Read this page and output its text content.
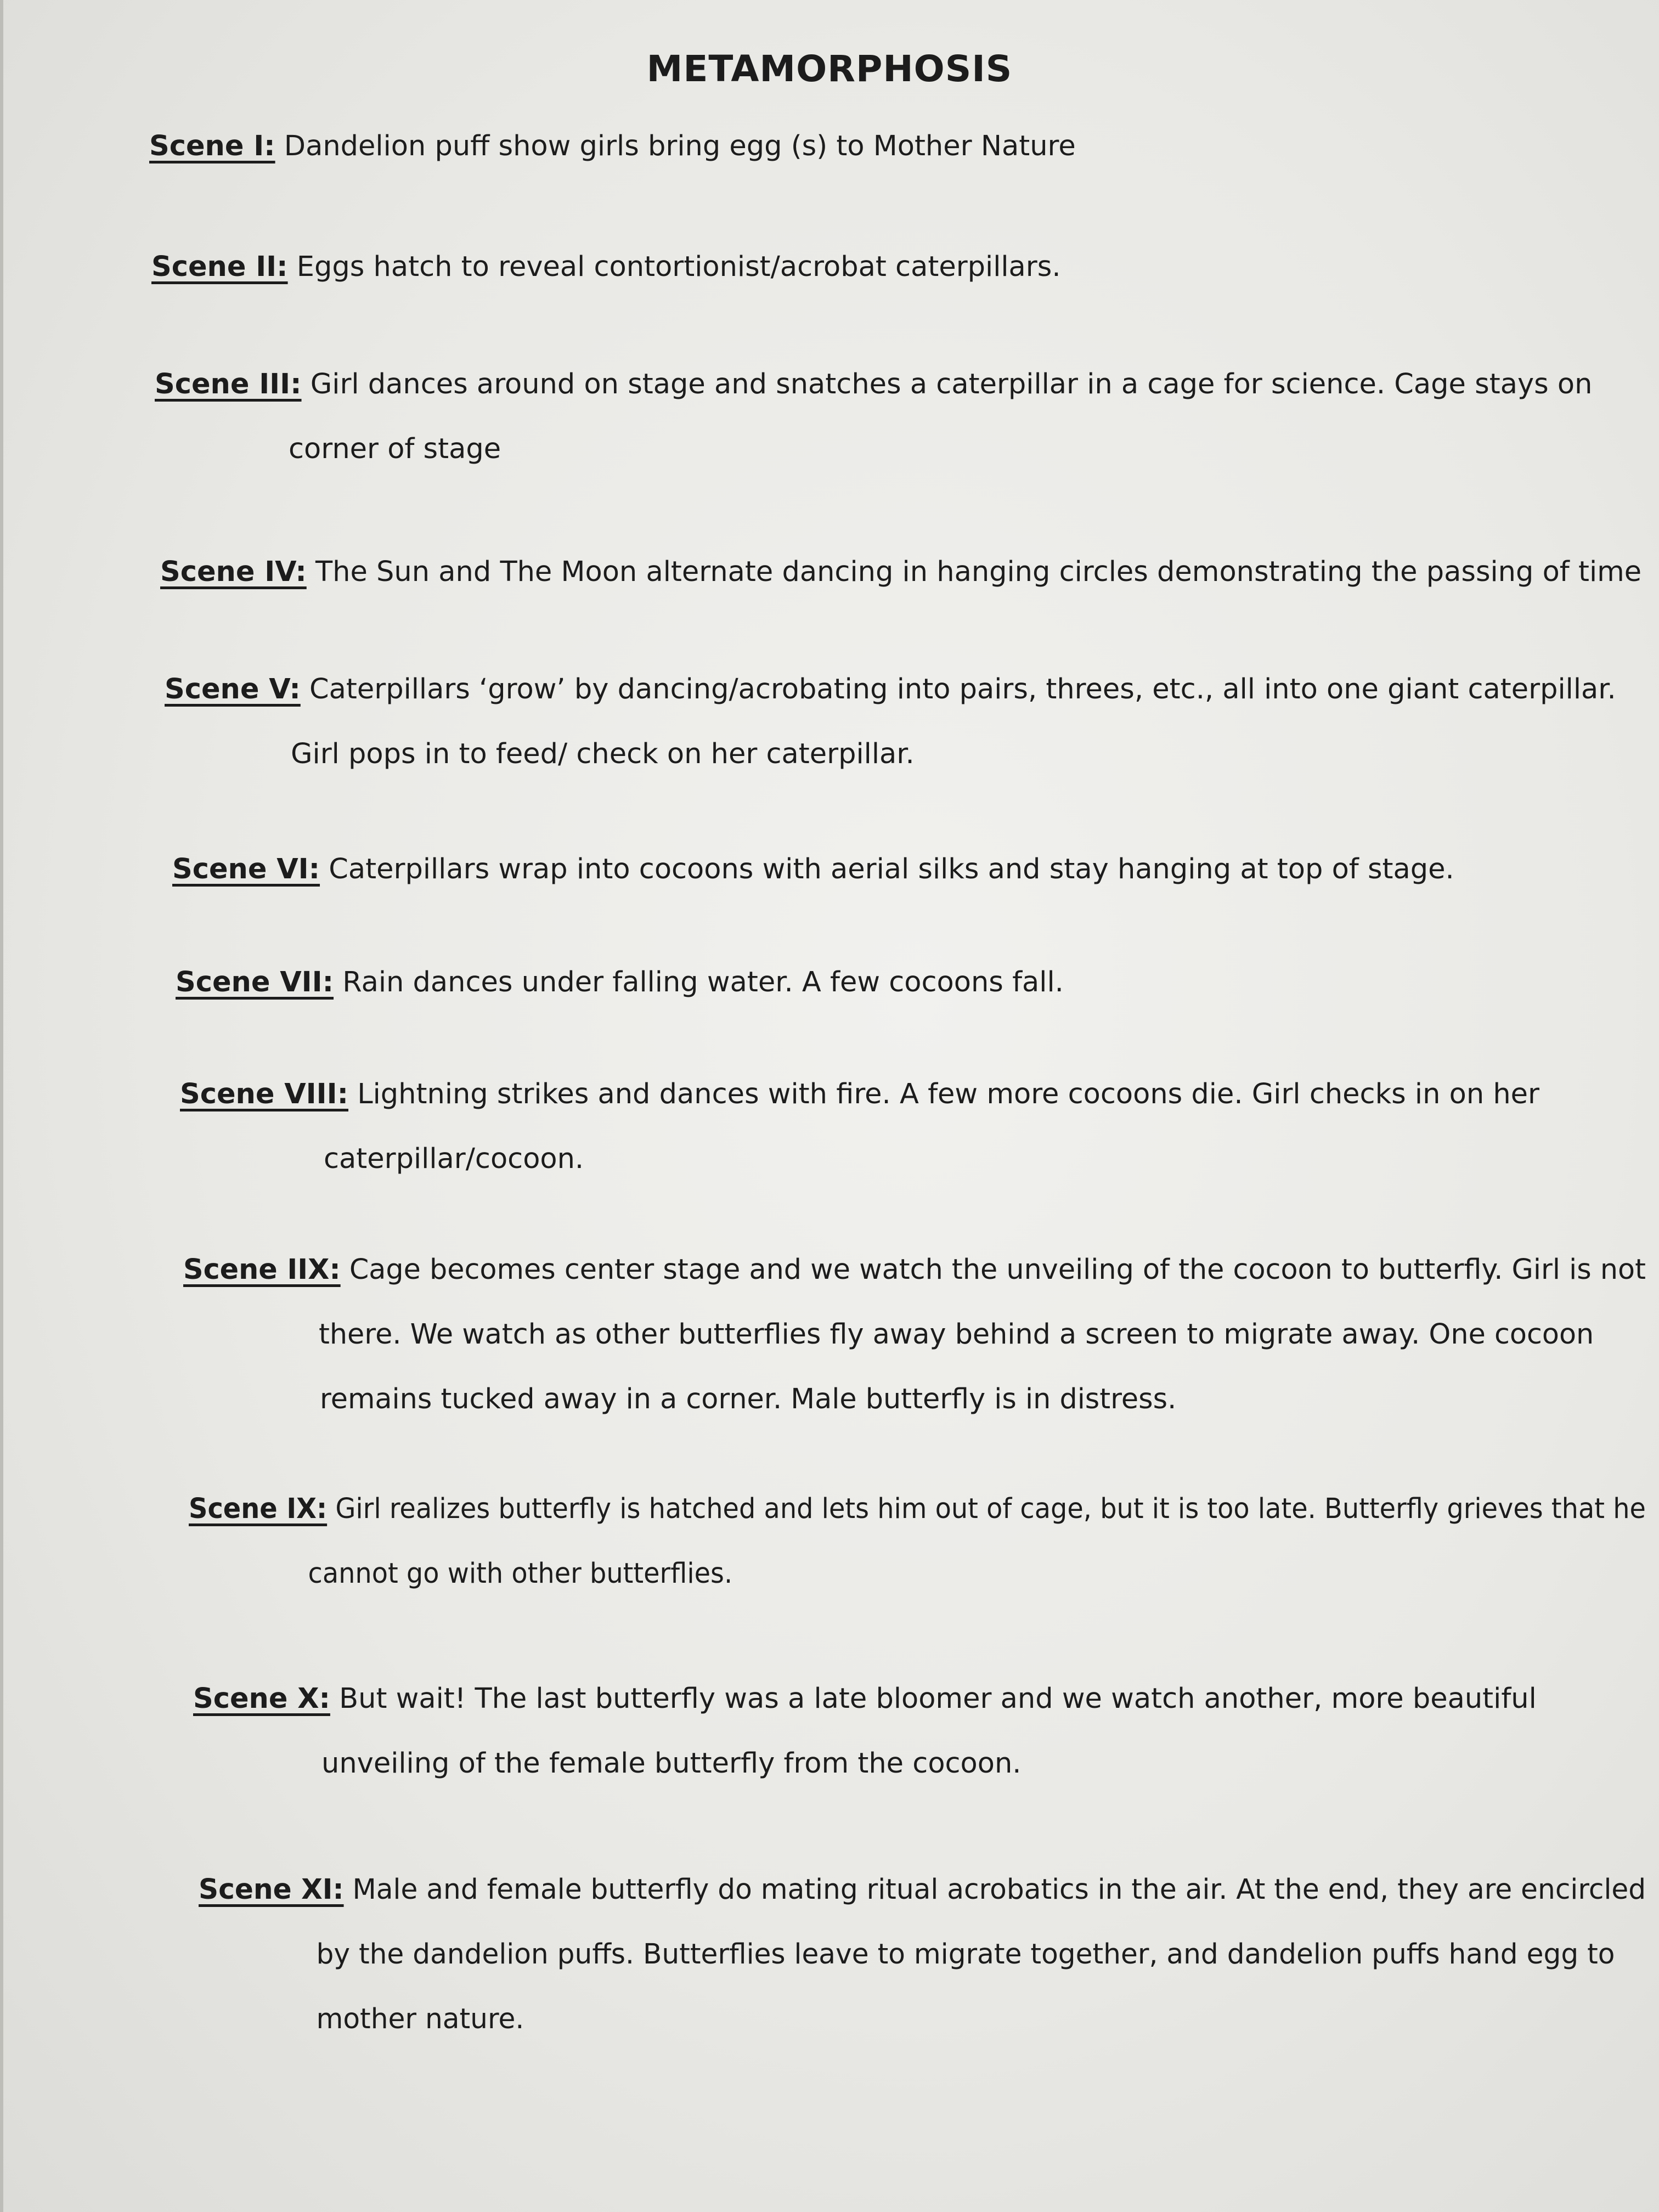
METAMORPHOSIS
Scene I: Dandelion puff show girls bring egg (s) to Mother Nature
Scene II: Eggs hatch to reveal contortionist/acrobat caterpillars.
Scene III: Girl dances around on stage and snatches a caterpillar in a cage for science. Cage stays on
corner of stage
Scene IV: The Sun and The Moon alternate dancing in hanging circles demonstrating the passing of time
Scene V: Caterpillars ‘grow’ by dancing/acrobating into pairs, threes, etc., all into one giant caterpillar.
Girl pops in to feed/ check on her caterpillar.
Scene VI: Caterpillars wrap into cocoons with aerial silks and stay hanging at top of stage.
Scene VII: Rain dances under falling water. A few cocoons fall.
Scene VIII: Lightning strikes and dances with fire. A few more cocoons die. Girl checks in on her
caterpillar/cocoon.
Scene IIX: Cage becomes center stage and we watch the unveiling of the cocoon to butterfly. Girl is not
there. We watch as other butterflies fly away behind a screen to migrate away. One cocoon
remains tucked away in a corner. Male butterfly is in distress.
Scene IX: Girl realizes butterfly is hatched and lets him out of cage, but it is too late. Butterfly grieves that he
cannot go with other butterflies.
Scene X: But wait! The last butterfly was a late bloomer and we watch another, more beautiful
unveiling of the female butterfly from the cocoon.
Scene XI: Male and female butterfly do mating ritual acrobatics in the air. At the end, they are encircled
by the dandelion puffs. Butterflies leave to migrate together, and dandelion puffs hand egg to
mother nature.
